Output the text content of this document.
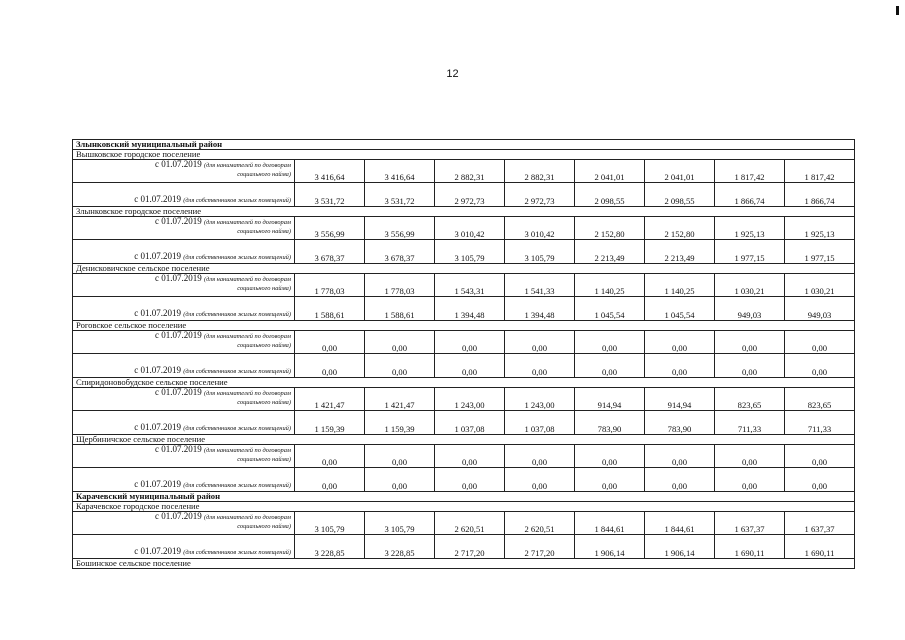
12
Злынковский муниципальный район								
Вышковское городское поселение								
с 01.07.2019 (для нанимателей по договорам
социального найма)	3 416,64	3 416,64	2 882,31	2 882,31	2 041,01	2 041,01	1 817,42	1 817,42
с 01.07.2019 (для собственников жилых помещений)	3 531,72	3 531,72	2 972,73	2 972,73	2 098,55	2 098,55	1 866,74	1 866,74
Злынковское городское поселение								
с 01.07.2019 (для нанимателей по договорам
социального найма)	3 556,99	3 556,99	3 010,42	3 010,42	2 152,80	2 152,80	1 925,13	1 925,13
с 01.07.2019 (для собственников жилых помещений)	3 678,37	3 678,37	3 105,79	3 105,79	2 213,49	2 213,49	1 977,15	1 977,15
Денисковичское сельское поселение								
с 01.07.2019 (для нанимателей по договорам
социального найма)	1 778,03	1 778,03	1 543,31	1 541,33	1 140,25	1 140,25	1 030,21	1 030,21
с 01.07.2019 (для собственников жилых помещений)	1 588,61	1 588,61	1 394,48	1 394,48	1 045,54	1 045,54	949,03	949,03
Роговское сельское поселение								
с 01.07.2019 (для нанимателей по договорам
социального найма)	0,00	0,00	0,00	0,00	0,00	0,00	0,00	0,00
с 01.07.2019 (для собственников жилых помещений)	0,00	0,00	0,00	0,00	0,00	0,00	0,00	0,00
Спиридоновобудское сельское поселение								
с 01.07.2019 (для нанимателей по договорам
социального найма)	1 421,47	1 421,47	1 243,00	1 243,00	914,94	914,94	823,65	823,65
с 01.07.2019 (для собственников жилых помещений)	1 159,39	1 159,39	1 037,08	1 037,08	783,90	783,90	711,33	711,33
Щербиничское сельское поселение								
с 01.07.2019 (для нанимателей по договорам
социального найма)	0,00	0,00	0,00	0,00	0,00	0,00	0,00	0,00
с 01.07.2019 (для собственников жилых помещений)	0,00	0,00	0,00	0,00	0,00	0,00	0,00	0,00
Карачевский муниципальный район								
Карачевское городское поселение								
с 01.07.2019 (для нанимателей по договорам
социального найма)	3 105,79	3 105,79	2 620,51	2 620,51	1 844,61	1 844,61	1 637,37	1 637,37
с 01.07.2019 (для собственников жилых помещений)	3 228,85	3 228,85	2 717,20	2 717,20	1 906,14	1 906,14	1 690,11	1 690,11
Бошинское сельское поселение								
